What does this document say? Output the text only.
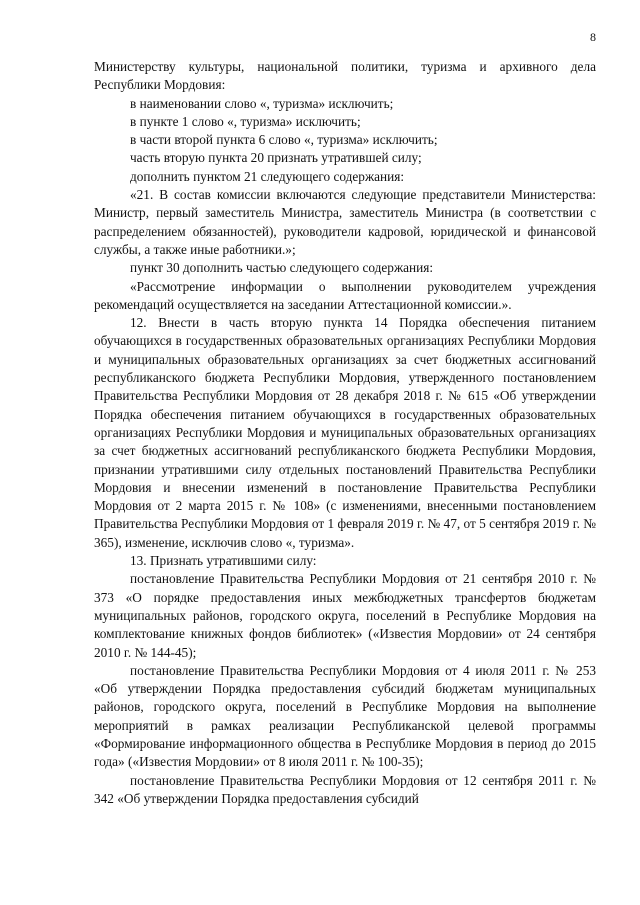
8

Министерству культуры, национальной политики, туризма и архивного дела Республики Мордовия:

в наименовании слово «, туризма» исключить;

в пункте 1 слово «, туризма» исключить;

в части второй пункта 6 слово «, туризма» исключить;

часть вторую пункта 20 признать утратившей силу;

дополнить пунктом 21 следующего содержания:

«21. В состав комиссии включаются следующие представители Министерства: Министр, первый заместитель Министра, заместитель Министра (в соответствии с распределением обязанностей), руководители кадровой, юридической и финансовой службы, а также иные работники.»;

пункт 30 дополнить частью следующего содержания:

«Рассмотрение информации о выполнении руководителем учреждения рекомендаций осуществляется на заседании Аттестационной комиссии.».

12. Внести в часть вторую пункта 14 Порядка обеспечения питанием обучающихся в государственных образовательных организациях Республики Мордовия и муниципальных образовательных организациях за счет бюджетных ассигнований республиканского бюджета Республики Мордовия, утвержденного постановлением Правительства Республики Мордовия от 28 декабря 2018 г. № 615 «Об утверждении Порядка обеспечения питанием обучающихся в государственных образовательных организациях Республики Мордовия и муниципальных образовательных организациях за счет бюджетных ассигнований республиканского бюджета Республики Мордовия, признании утратившими силу отдельных постановлений Правительства Республики Мордовия и внесении изменений в постановление Правительства Республики Мордовия от 2 марта 2015 г. № 108» (с изменениями, внесенными постановлением Правительства Республики Мордовия от 1 февраля 2019 г. № 47, от 5 сентября 2019 г. № 365), изменение, исключив слово «, туризма».

13. Признать утратившими силу:

постановление Правительства Республики Мордовия от 21 сентября 2010 г. № 373 «О порядке предоставления иных межбюджетных трансфертов бюджетам муниципальных районов, городского округа, поселений в Республике Мордовия на комплектование книжных фондов библиотек» («Известия Мордовии» от 24 сентября 2010 г. № 144-45);

постановление Правительства Республики Мордовия от 4 июля 2011 г. № 253 «Об утверждении Порядка предоставления субсидий бюджетам муниципальных районов, городского округа, поселений в Республике Мордовия на выполнение мероприятий в рамках реализации Республиканской целевой программы «Формирование информационного общества в Республике Мордовия в период до 2015 года» («Известия Мордовии» от 8 июля 2011 г. № 100-35);

постановление Правительства Республики Мордовия от 12 сентября 2011 г. № 342 «Об утверждении Порядка предоставления субсидий
